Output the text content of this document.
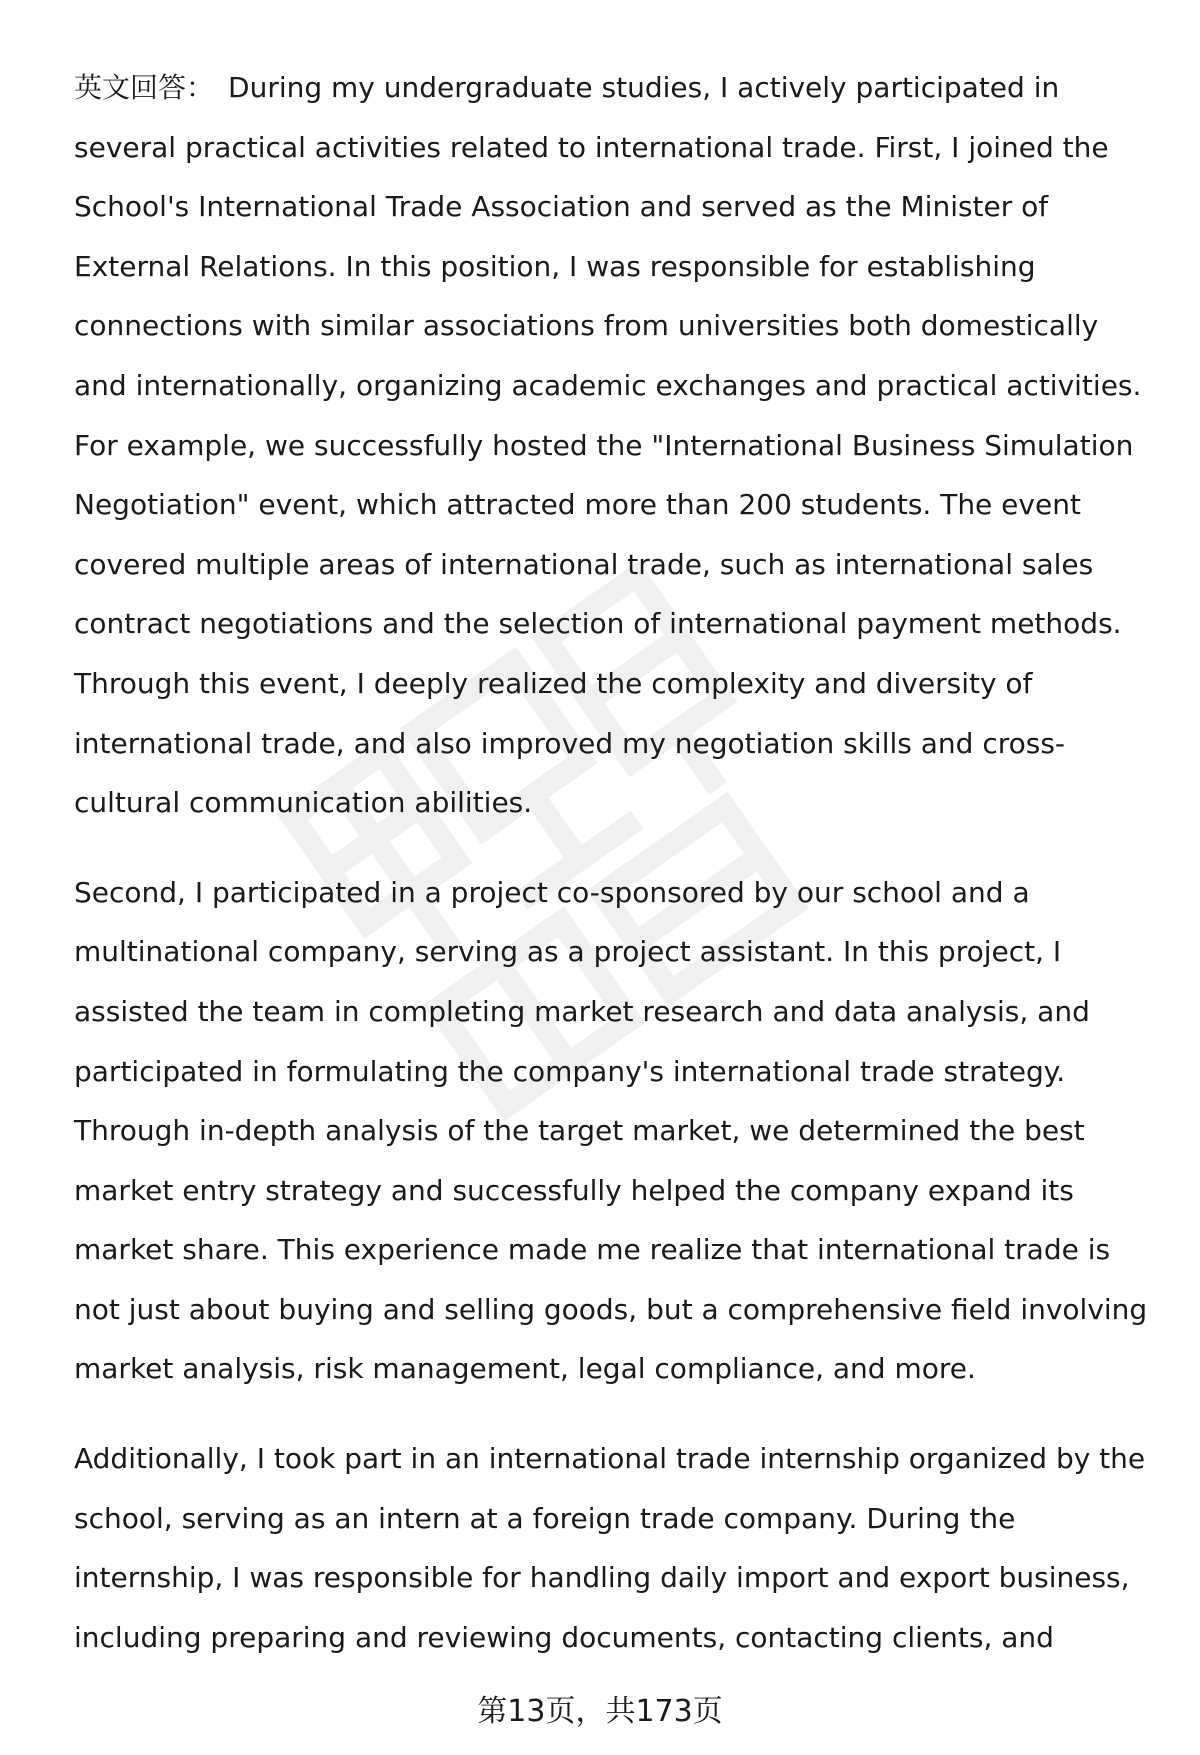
英文回答： During my undergraduate studies, I actively participated in several practical activities related to international trade. First, I joined the School's International Trade Association and served as the Minister of External Relations. In this position, I was responsible for establishing connections with similar associations from universities both domestically and internationally, organizing academic exchanges and practical activities. For example, we successfully hosted the "International Business Simulation Negotiation" event, which attracted more than 200 students. The event covered multiple areas of international trade, such as international sales contract negotiations and the selection of international payment methods. Through this event, I deeply realized the complexity and diversity of international trade, and also improved my negotiation skills and cross-cultural communication abilities.

Second, I participated in a project co-sponsored by our school and a multinational company, serving as a project assistant. In this project, I assisted the team in completing market research and data analysis, and participated in formulating the company's international trade strategy. Through in-depth analysis of the target market, we determined the best market entry strategy and successfully helped the company expand its market share. This experience made me realize that international trade is not just about buying and selling goods, but a comprehensive field involving market analysis, risk management, legal compliance, and more.

Additionally, I took part in an international trade internship organized by the school, serving as an intern at a foreign trade company. During the internship, I was responsible for handling daily import and export business, including preparing and reviewing documents, contacting clients, and

第13页，共173页
